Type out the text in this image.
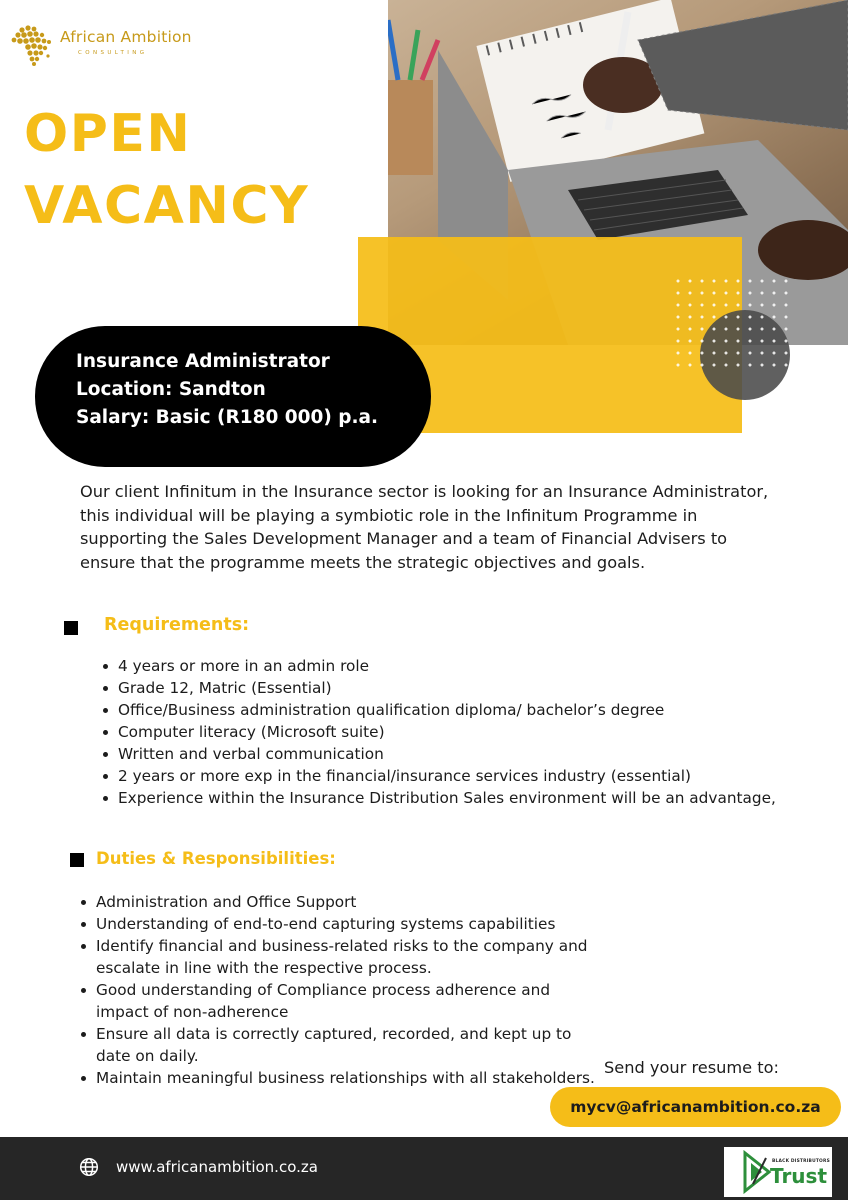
African Ambition
CONSULTING
OPEN
VACANCY
Insurance Administrator
Location: Sandton
Salary: Basic (R180 000) p.a.

Our client Infinitum in the Insurance sector is looking for an Insurance Administrator, this individual will be playing a symbiotic role in the Infinitum Programme in supporting the Sales Development Manager and a team of Financial Advisers to ensure that the programme meets the strategic objectives and goals.

Requirements:
4 years or more in an admin role
Grade 12, Matric (Essential)
Office/Business administration qualification diploma/ bachelor’s degree
Computer literacy (Microsoft suite)
Written and verbal communication
2 years or more exp in the financial/insurance services industry (essential)
Experience within the Insurance Distribution Sales environment will be an advantage,
Duties & Responsibilities:
Administration and Office Support
Understanding of end-to-end capturing systems capabilities
Identify financial and business-related risks to the company and escalate in line with the respective process.
Good understanding of Compliance process adherence and impact of non-adherence
Ensure all data is correctly captured, recorded, and kept up to date on daily.
Maintain meaningful business relationships with all stakeholders.
Send your resume to:
mycv@africanambition.co.za
www.africanambition.co.za	BLACK DISTRIBUTORS
Trust
